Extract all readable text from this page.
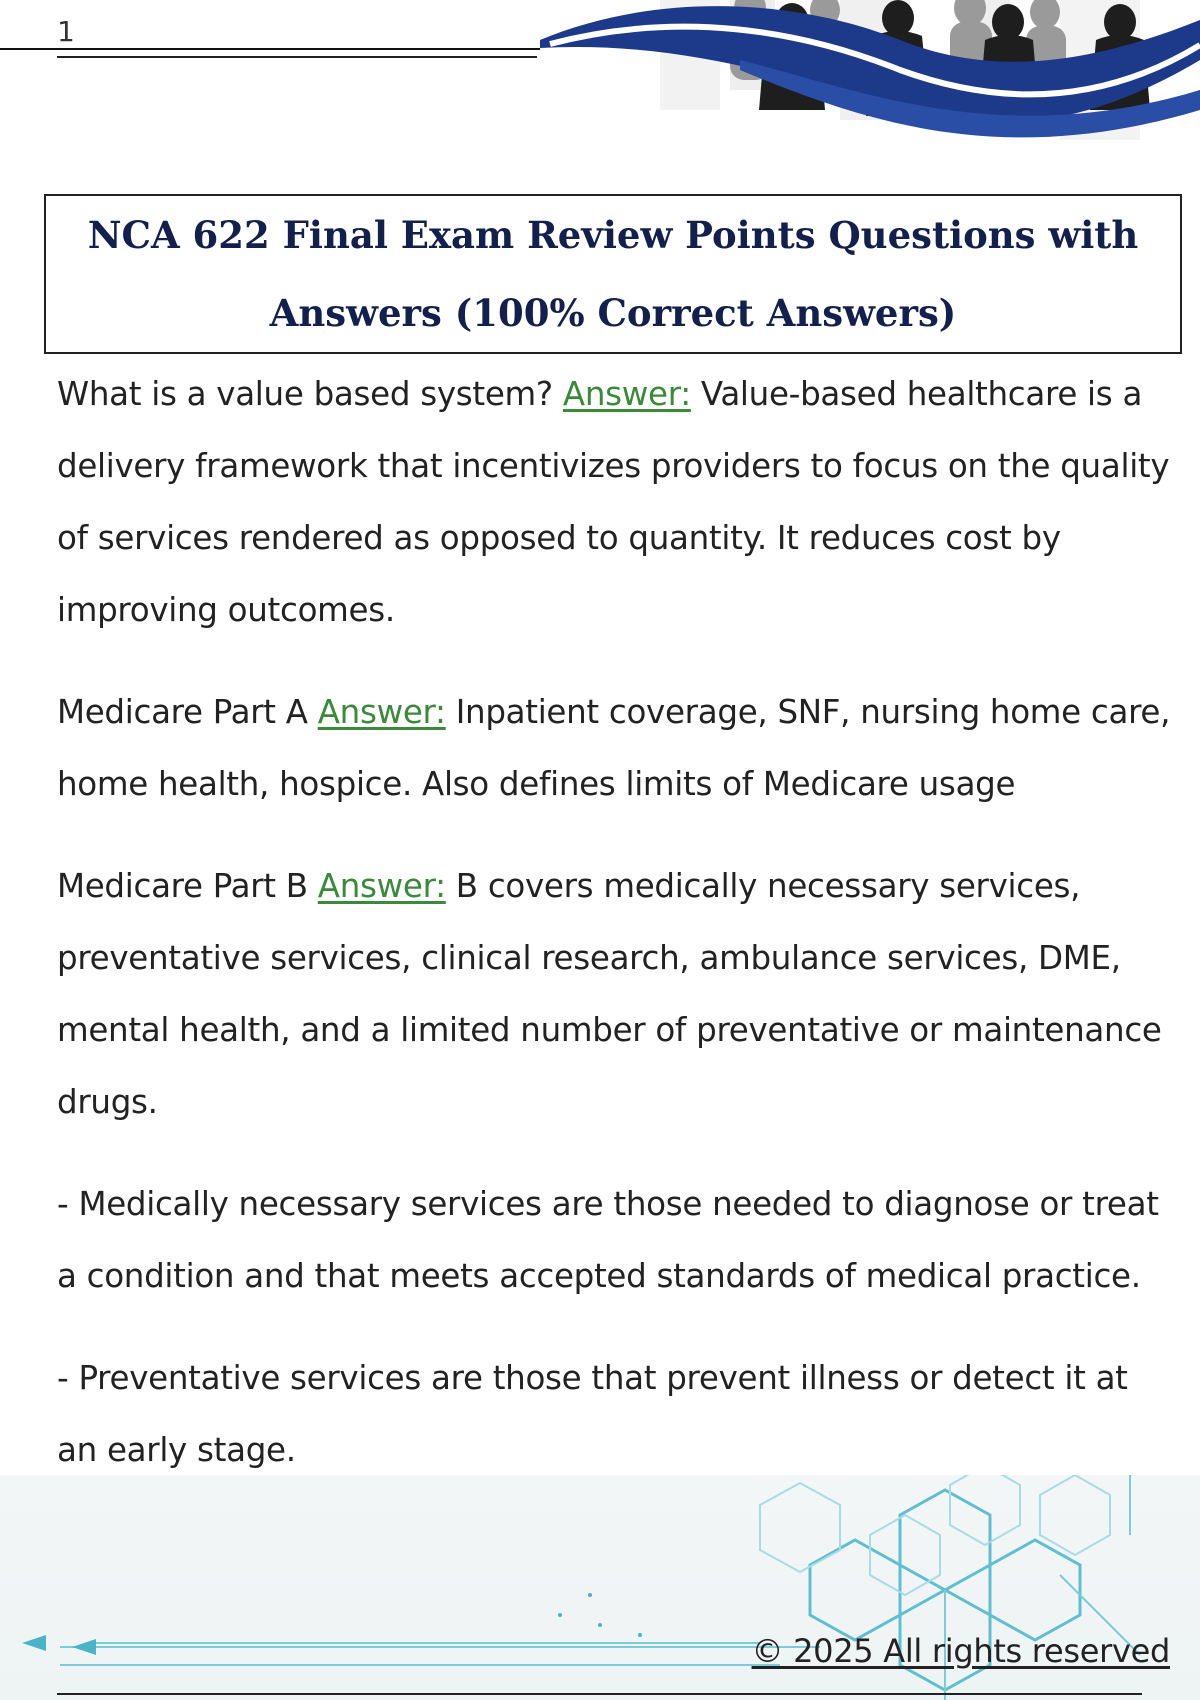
1
NCA 622 Final Exam Review Points Questions with Answers (100% Correct Answers)

What is a value based system? Answer: Value-based healthcare is a delivery framework that incentivizes providers to focus on the quality of services rendered as opposed to quantity. It reduces cost by improving outcomes.

Medicare Part A Answer: Inpatient coverage, SNF, nursing home care, home health, hospice. Also defines limits of Medicare usage

Medicare Part B Answer: B covers medically necessary services, preventative services, clinical research, ambulance services, DME, mental health, and a limited number of preventative or maintenance drugs.

- Medically necessary services are those needed to diagnose or treat a condition and that meets accepted standards of medical practice.

- Preventative services are those that prevent illness or detect it at an early stage.

© 2025 All rights reserved
